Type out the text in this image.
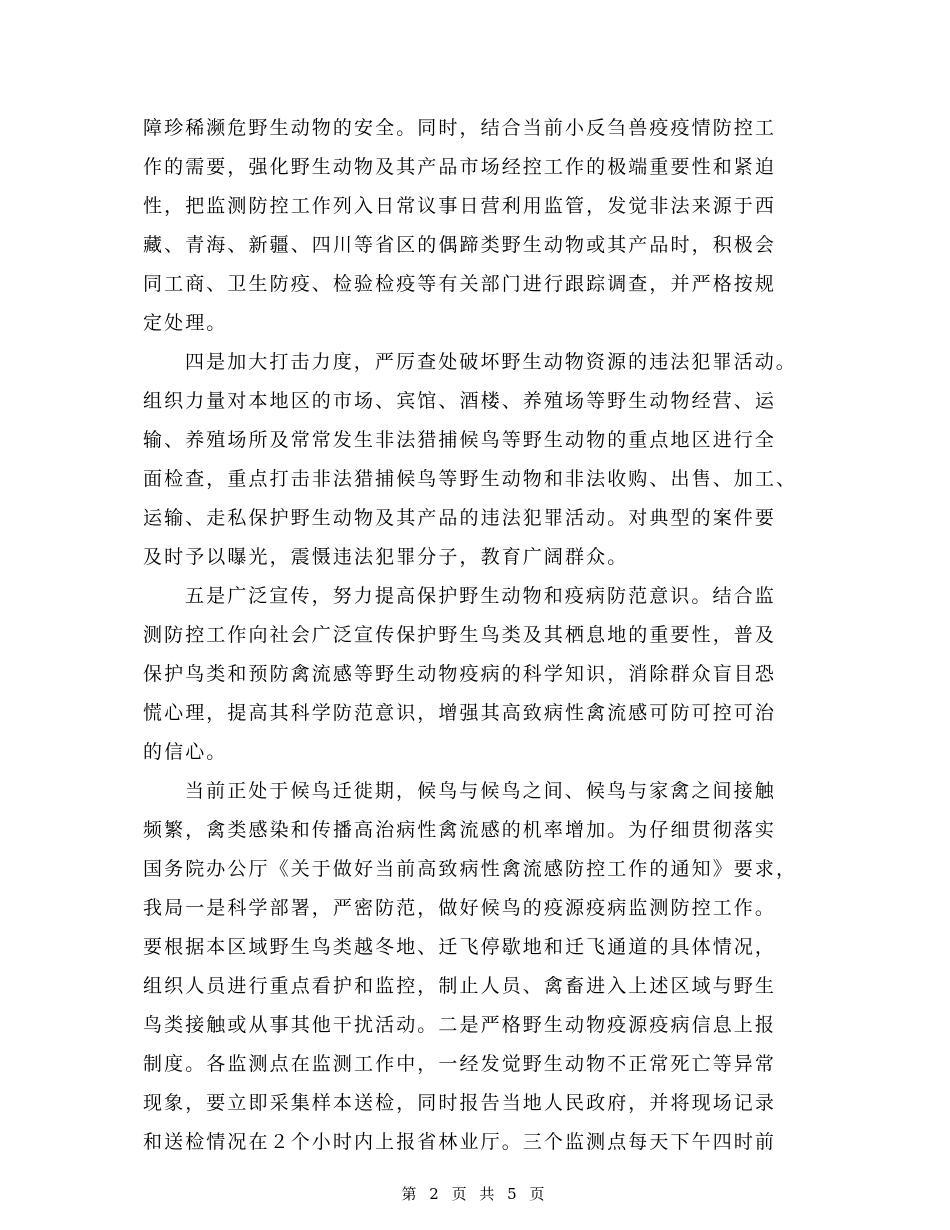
障珍稀濒危野生动物的安全。同时，结合当前小反刍兽疫疫情防控工
作的需要，强化野生动物及其产品市场经控工作的极端重要性和紧迫
性，把监测防控工作列入日常议事日营利用监管，发觉非法来源于西
藏、青海、新疆、四川等省区的偶蹄类野生动物或其产品时，积极会
同工商、卫生防疫、检验检疫等有关部门进行跟踪调查，并严格按规
定处理。
四是加大打击力度，严厉查处破坏野生动物资源的违法犯罪活动。
组织力量对本地区的市场、宾馆、酒楼、养殖场等野生动物经营、运
输、养殖场所及常常发生非法猎捕候鸟等野生动物的重点地区进行全
面检查，重点打击非法猎捕候鸟等野生动物和非法收购、出售、加工、
运输、走私保护野生动物及其产品的违法犯罪活动。对典型的案件要
及时予以曝光，震慑违法犯罪分子，教育广阔群众。
五是广泛宣传，努力提高保护野生动物和疫病防范意识。结合监
测防控工作向社会广泛宣传保护野生鸟类及其栖息地的重要性，普及
保护鸟类和预防禽流感等野生动物疫病的科学知识，消除群众盲目恐
慌心理，提高其科学防范意识，增强其高致病性禽流感可防可控可治
的信心。
当前正处于候鸟迁徙期，候鸟与候鸟之间、候鸟与家禽之间接触
频繁，禽类感染和传播高治病性禽流感的机率增加。为仔细贯彻落实
国务院办公厅《关于做好当前高致病性禽流感防控工作的通知》要求，
我局一是科学部署，严密防范，做好候鸟的疫源疫病监测防控工作。
要根据本区域野生鸟类越冬地、迁飞停歇地和迁飞通道的具体情况，
组织人员进行重点看护和监控，制止人员、禽畜进入上述区域与野生
鸟类接触或从事其他干扰活动。二是严格野生动物疫源疫病信息上报
制度。各监测点在监测工作中，一经发觉野生动物不正常死亡等异常
现象，要立即采集样本送检，同时报告当地人民政府，并将现场记录
和送检情况在２个小时内上报省林业厅。三个监测点每天下午四时前
第 2 页 共 5 页
